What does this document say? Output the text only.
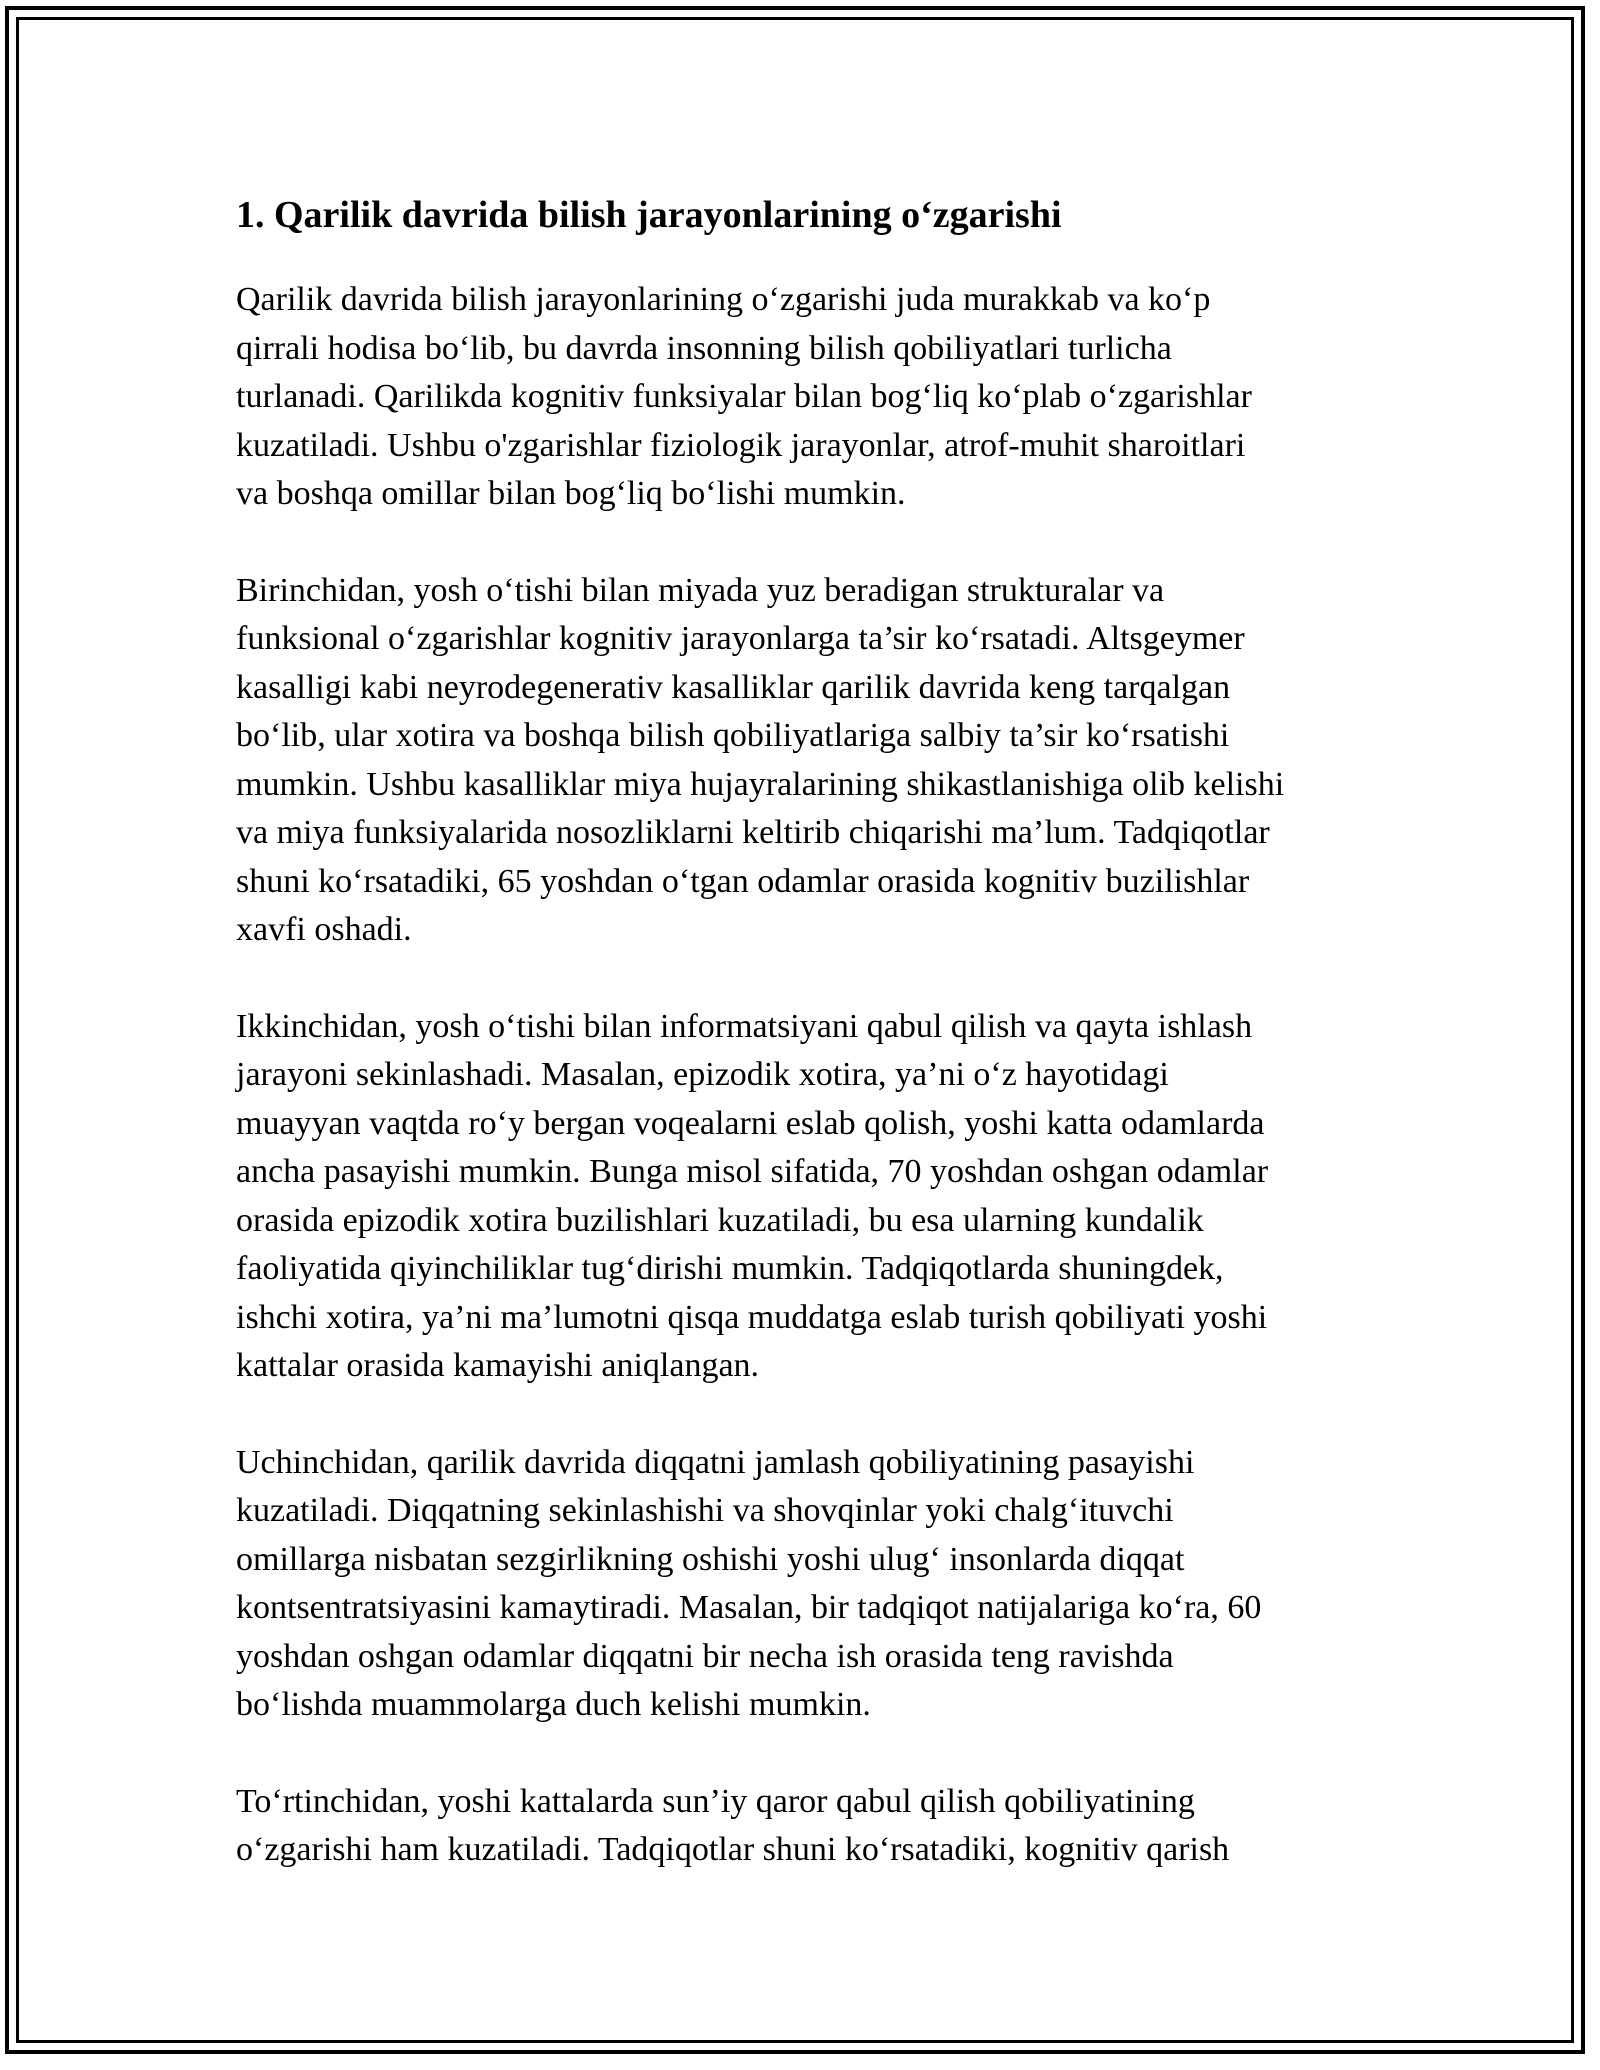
1. Qarilik davrida bilish jarayonlarining o‘zgarishi
Qarilik davrida bilish jarayonlarining o‘zgarishi juda murakkab va ko‘p
qirrali hodisa bo‘lib, bu davrda insonning bilish qobiliyatlari turlicha
turlanadi. Qarilikda kognitiv funksiyalar bilan bog‘liq ko‘plab o‘zgarishlar
kuzatiladi. Ushbu o'zgarishlar fiziologik jarayonlar, atrof-muhit sharoitlari
va boshqa omillar bilan bog‘liq bo‘lishi mumkin.
Birinchidan, yosh o‘tishi bilan miyada yuz beradigan strukturalar va
funksional o‘zgarishlar kognitiv jarayonlarga ta’sir ko‘rsatadi. Altsgeymer
kasalligi kabi neyrodegenerativ kasalliklar qarilik davrida keng tarqalgan
bo‘lib, ular xotira va boshqa bilish qobiliyatlariga salbiy ta’sir ko‘rsatishi
mumkin. Ushbu kasalliklar miya hujayralarining shikastlanishiga olib kelishi
va miya funksiyalarida nosozliklarni keltirib chiqarishi ma’lum. Tadqiqotlar
shuni ko‘rsatadiki, 65 yoshdan o‘tgan odamlar orasida kognitiv buzilishlar
xavfi oshadi.
Ikkinchidan, yosh o‘tishi bilan informatsiyani qabul qilish va qayta ishlash
jarayoni sekinlashadi. Masalan, epizodik xotira, ya’ni o‘z hayotidagi
muayyan vaqtda ro‘y bergan voqealarni eslab qolish, yoshi katta odamlarda
ancha pasayishi mumkin. Bunga misol sifatida, 70 yoshdan oshgan odamlar
orasida epizodik xotira buzilishlari kuzatiladi, bu esa ularning kundalik
faoliyatida qiyinchiliklar tug‘dirishi mumkin. Tadqiqotlarda shuningdek,
ishchi xotira, ya’ni ma’lumotni qisqa muddatga eslab turish qobiliyati yoshi
kattalar orasida kamayishi aniqlangan.
Uchinchidan, qarilik davrida diqqatni jamlash qobiliyatining pasayishi
kuzatiladi. Diqqatning sekinlashishi va shovqinlar yoki chalg‘ituvchi
omillarga nisbatan sezgirlikning oshishi yoshi ulug‘ insonlarda diqqat
kontsentratsiyasini kamaytiradi. Masalan, bir tadqiqot natijalariga ko‘ra, 60
yoshdan oshgan odamlar diqqatni bir necha ish orasida teng ravishda
bo‘lishda muammolarga duch kelishi mumkin.
To‘rtinchidan, yoshi kattalarda sun’iy qaror qabul qilish qobiliyatining
o‘zgarishi ham kuzatiladi. Tadqiqotlar shuni ko‘rsatadiki, kognitiv qarish
